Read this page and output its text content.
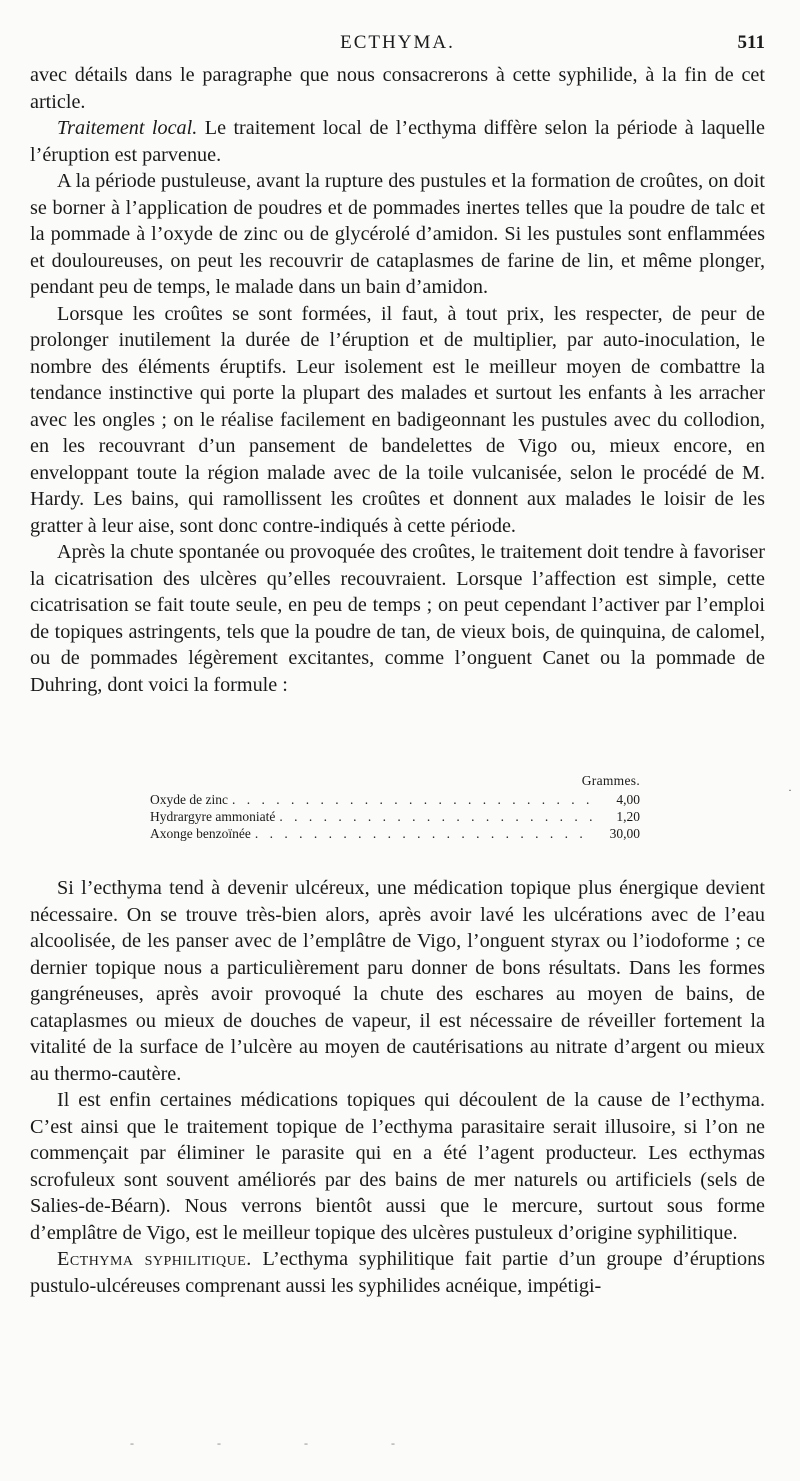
ECTHYMA.	511

avec détails dans le paragraphe que nous consacrerons à cette syphilide, à la fin de cet article.

Traitement local. Le traitement local de l’ecthyma diffère selon la période à laquelle l’éruption est parvenue.

A la période pustuleuse, avant la rupture des pustules et la formation de croûtes, on doit se borner à l’application de poudres et de pommades inertes telles que la poudre de talc et la pommade à l’oxyde de zinc ou de glycérolé d’amidon. Si les pustules sont enflammées et douloureuses, on peut les recouvrir de cataplasmes de farine de lin, et même plonger, pendant peu de temps, le malade dans un bain d’amidon.

Lorsque les croûtes se sont formées, il faut, à tout prix, les respecter, de peur de prolonger inutilement la durée de l’éruption et de multiplier, par auto-inoculation, le nombre des éléments éruptifs. Leur isolement est le meilleur moyen de combattre la tendance instinctive qui porte la plupart des malades et surtout les enfants à les arracher avec les ongles ; on le réalise facilement en badigeonnant les pustules avec du collodion, en les recouvrant d’un pansement de bandelettes de Vigo ou, mieux encore, en enveloppant toute la région malade avec de la toile vulcanisée, selon le procédé de M. Hardy. Les bains, qui ramollissent les croûtes et donnent aux malades le loisir de les gratter à leur aise, sont donc contre-indiqués à cette période.

Après la chute spontanée ou provoquée des croûtes, le traitement doit tendre à favoriser la cicatrisation des ulcères qu’elles recouvraient. Lorsque l’affection est simple, cette cicatrisation se fait toute seule, en peu de temps ; on peut cependant l’activer par l’emploi de topiques astringents, tels que la poudre de tan, de vieux bois, de quinquina, de calomel, ou de pommades légèrement excitantes, comme l’onguent Canet ou la pommade de Duhring, dont voici la formule :

Grammes.
Oxyde de zinc . . .	4,00
Hydrargyre ammoniaté . . .	1,20
Axonge benzoïnée . . .	30,00

Si l’ecthyma tend à devenir ulcéreux, une médication topique plus énergique devient nécessaire. On se trouve très-bien alors, après avoir lavé les ulcérations avec de l’eau alcoolisée, de les panser avec de l’emplâtre de Vigo, l’onguent styrax ou l’iodoforme ; ce dernier topique nous a particulièrement paru donner de bons résultats. Dans les formes gangréneuses, après avoir provoqué la chute des eschares au moyen de bains, de cataplasmes ou mieux de douches de vapeur, il est nécessaire de réveiller fortement la vitalité de la surface de l’ulcère au moyen de cautérisations au nitrate d’argent ou mieux au thermo-cautère.

Il est enfin certaines médications topiques qui découlent de la cause de l’ecthyma. C’est ainsi que le traitement topique de l’ecthyma parasitaire serait illusoire, si l’on ne commençait par éliminer le parasite qui en a été l’agent producteur. Les ecthymas scrofuleux sont souvent améliorés par des bains de mer naturels ou artificiels (sels de Salies-de-Béarn). Nous verrons bientôt aussi que le mercure, surtout sous forme d’emplâtre de Vigo, est le meilleur topique des ulcères pustuleux d’origine syphilitique.

Ecthyma syphilitique. L’ecthyma syphilitique fait partie d’un groupe d’éruptions pustulo-ulcéreuses comprenant aussi les syphilides acnéique, impétigi-

·
- - - -
